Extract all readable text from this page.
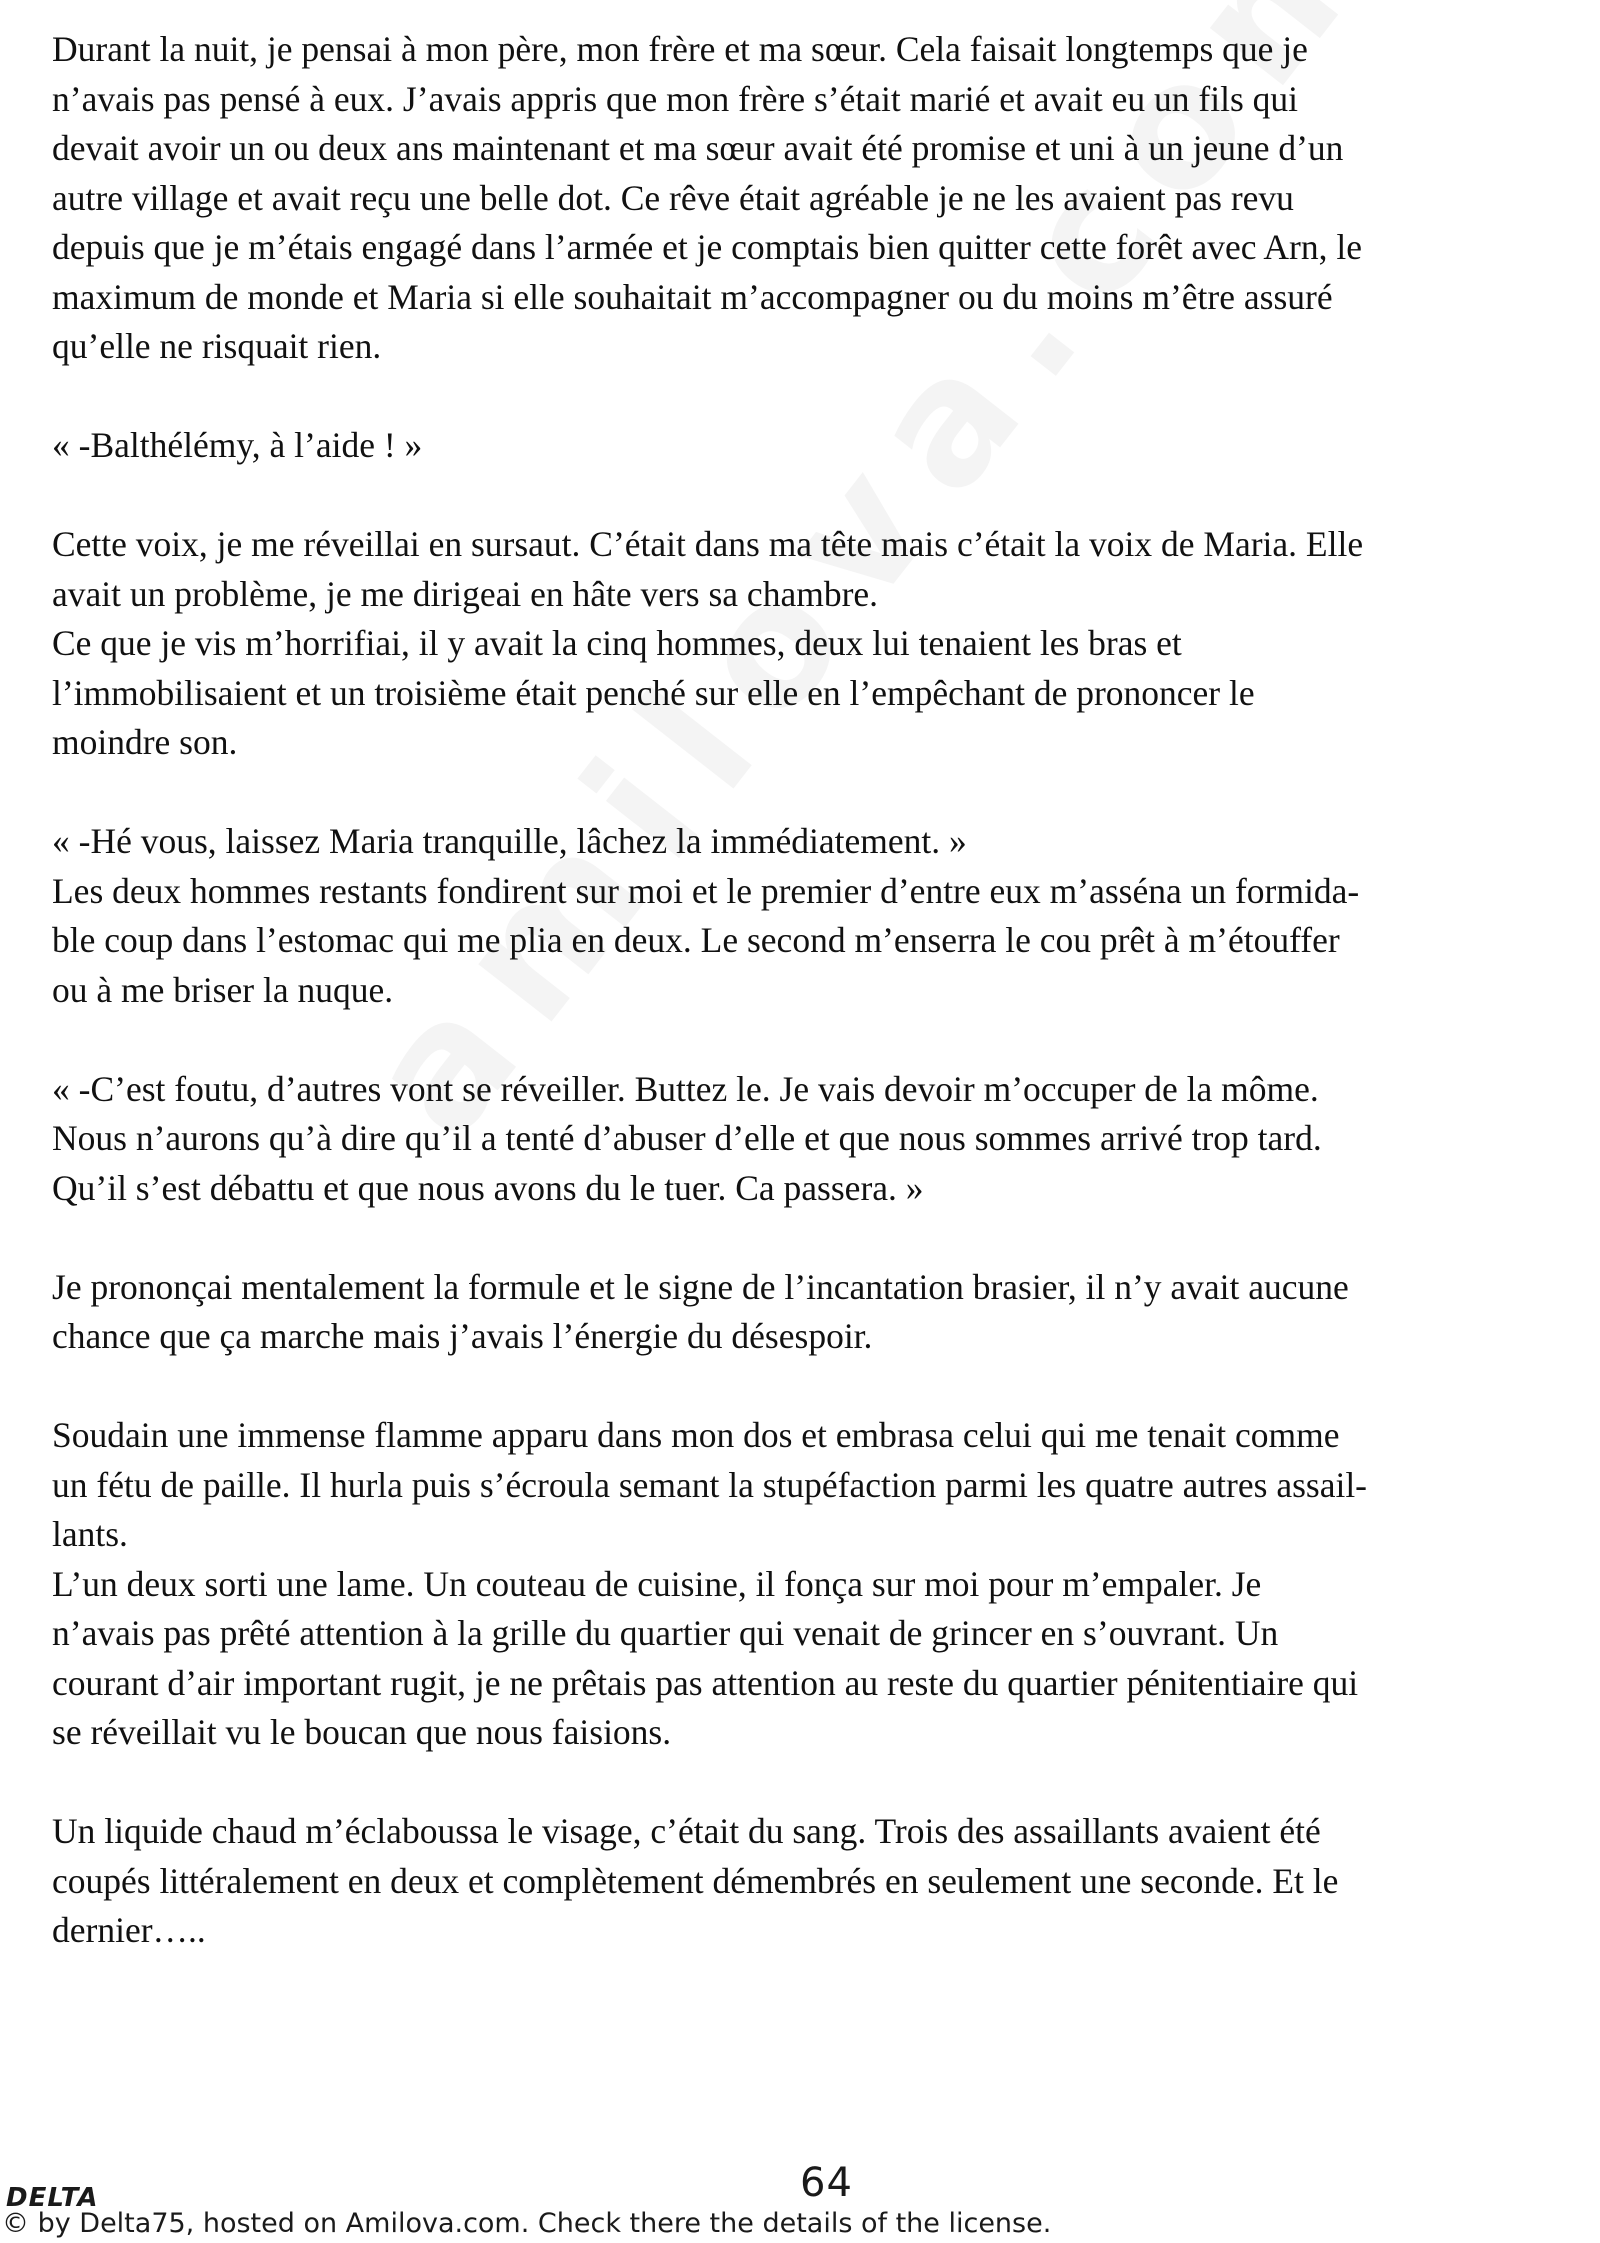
Durant la nuit, je pensai à mon père, mon frère et ma sœur. Cela faisait longtemps que je
n’avais pas pensé à eux. J’avais appris que mon frère s’était marié et avait eu un fils qui
devait avoir un ou deux ans maintenant et ma sœur avait été promise et uni à un jeune d’un
autre village et avait reçu une belle dot. Ce rêve était agréable je ne les avaient pas revu
depuis que je m’étais engagé dans l’armée et je comptais bien quitter cette forêt avec Arn, le
maximum de monde et Maria si elle souhaitait m’accompagner ou du moins m’être assuré
qu’elle ne risquait rien.

« -Balthélémy, à l’aide ! »

Cette voix, je me réveillai en sursaut. C’était dans ma tête mais c’était la voix de Maria. Elle
avait un problème, je me dirigeai en hâte vers sa chambre.
Ce que je vis m’horrifiai, il y avait la cinq hommes, deux lui tenaient les bras et
l’immobilisaient et un troisième était penché sur elle en l’empêchant de prononcer le
moindre son.

« -Hé vous, laissez Maria tranquille, lâchez la immédiatement. »
Les deux hommes restants fondirent sur moi et le premier d’entre eux m’asséna un formida-
ble coup dans l’estomac qui me plia en deux. Le second m’enserra le cou prêt à m’étouffer
ou à me briser la nuque.

« -C’est foutu, d’autres vont se réveiller. Buttez le. Je vais devoir m’occuper de la môme.
Nous n’aurons qu’à dire qu’il a tenté d’abuser d’elle et que nous sommes arrivé trop tard.
Qu’il s’est débattu et que nous avons du le tuer. Ca passera. »

Je prononçai mentalement la formule et le signe de l’incantation brasier, il n’y avait aucune
chance que ça marche mais j’avais l’énergie du désespoir.

Soudain une immense flamme apparu dans mon dos et embrasa celui qui me tenait comme
un fétu de paille. Il hurla puis s’écroula semant la stupéfaction parmi les quatre autres assail-
lants.
L’un deux sorti une lame. Un couteau de cuisine, il fonça sur moi pour m’empaler. Je
n’avais pas prêté attention à la grille du quartier qui venait de grincer en s’ouvrant. Un
courant d’air important rugit, je ne prêtais pas attention au reste du quartier pénitentiaire qui
se réveillait vu le boucan que nous faisions.

Un liquide chaud m’éclaboussa le visage, c’était du sang. Trois des assaillants avaient été
coupés littéralement en deux et complètement démembrés en seulement une seconde. Et le
dernier…..

DELTA	64
© by Delta75, hosted on Amilova.com. Check there the details of the license.
